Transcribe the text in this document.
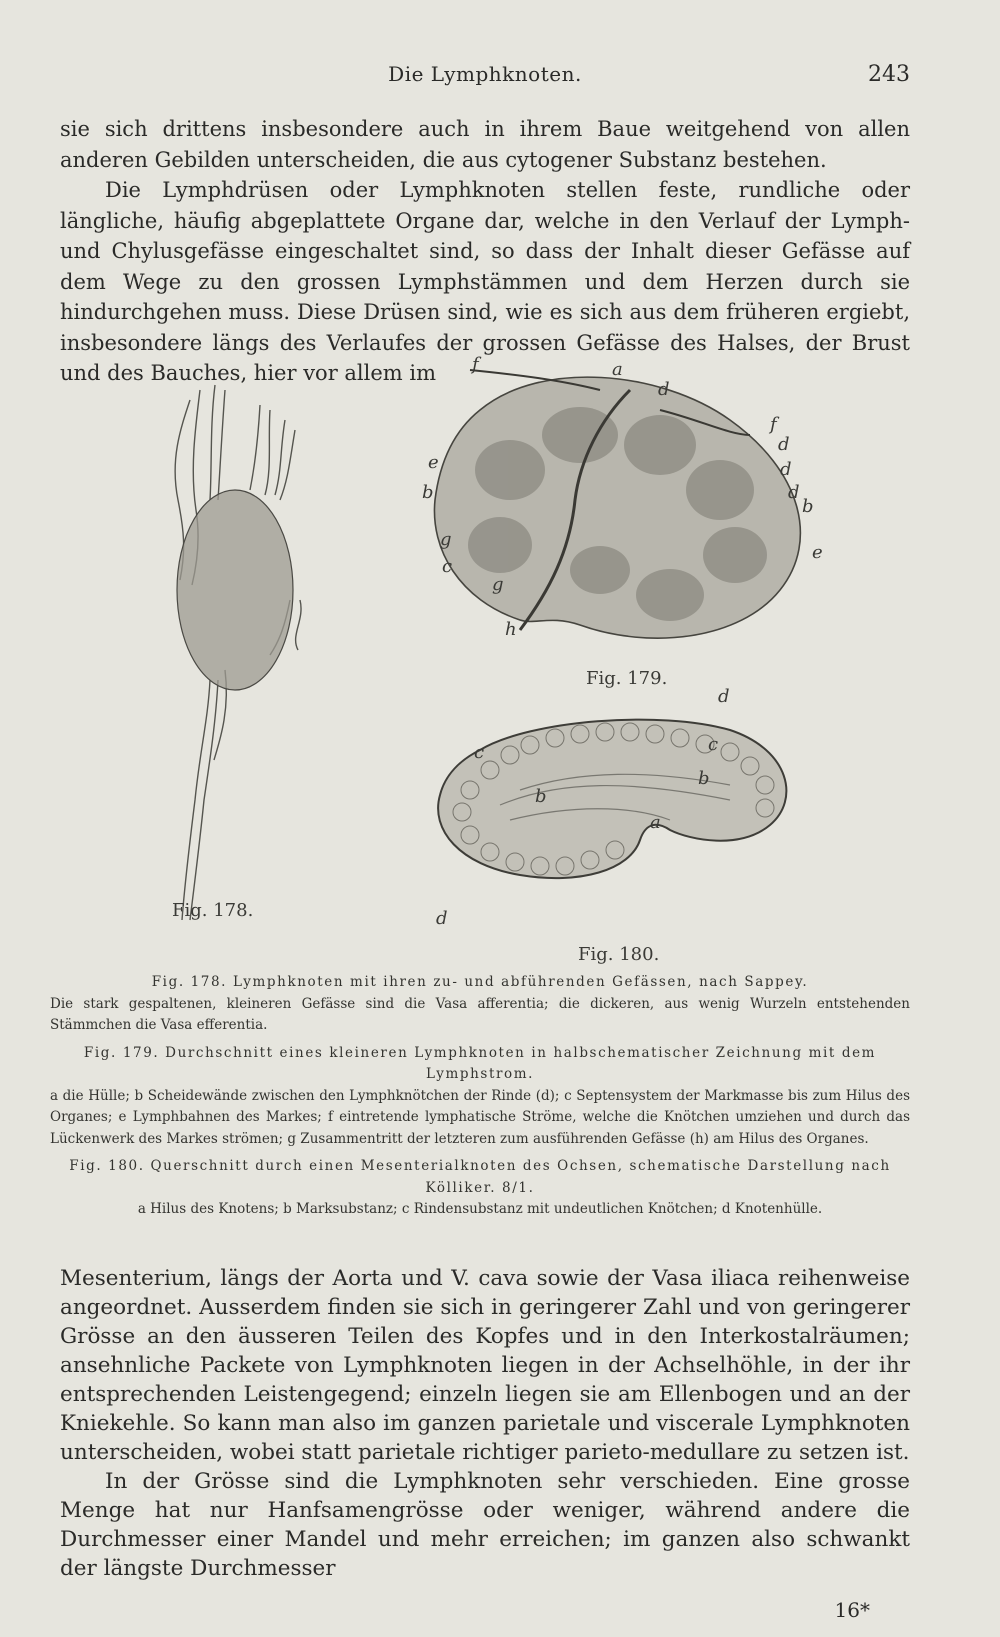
Die Lymphknoten.	243

sie sich drittens insbesondere auch in ihrem Baue weitgehend von allen anderen Gebilden unterscheiden, die aus cytogener Substanz bestehen.

Die Lymphdrüsen oder Lymphknoten stellen feste, rundliche oder längliche, häufig abgeplattete Organe dar, welche in den Verlauf der Lymph- und Chylusgefässe eingeschaltet sind, so dass der Inhalt dieser Gefässe auf dem Wege zu den grossen Lymphstämmen und dem Herzen durch sie hindurchgehen muss. Diese Drüsen sind, wie es sich aus dem früheren ergiebt, insbesondere längs des Verlaufes der grossen Gefässe des Halses, der Brust und des Bauches, hier vor allem im

Fig. 178.
f	a
d
f
d
d
d
b
e
e
b
g
c
g
h
Fig. 179.
d
c	c
b
b
a
d
Fig. 180.

Fig. 178. Lymphknoten mit ihren zu- und abführenden Gefässen, nach Sappey.

Die stark gespaltenen, kleineren Gefässe sind die Vasa afferentia; die dickeren, aus wenig Wurzeln entstehenden Stämmchen die Vasa efferentia.

Fig. 179. Durchschnitt eines kleineren Lymphknoten in halbschematischer Zeichnung mit dem Lymphstrom.

a die Hülle; b Scheidewände zwischen den Lymphknötchen der Rinde (d); c Septensystem der Markmasse bis zum Hilus des Organes; e Lymphbahnen des Markes; f eintretende lymphatische Ströme, welche die Knötchen umziehen und durch das Lückenwerk des Markes strömen; g Zusammentritt der letzteren zum ausführenden Gefässe (h) am Hilus des Organes.

Fig. 180. Querschnitt durch einen Mesenterialknoten des Ochsen, schematische Darstellung nach Kölliker. 8/1.

a Hilus des Knotens; b Marksubstanz; c Rindensubstanz mit undeutlichen Knötchen; d Knotenhülle.

Mesenterium, längs der Aorta und V. cava sowie der Vasa iliaca reihenweise angeordnet. Ausserdem finden sie sich in geringerer Zahl und von geringerer Grösse an den äusseren Teilen des Kopfes und in den Interkostalräumen; ansehnliche Packete von Lymphknoten liegen in der Achselhöhle, in der ihr entsprechenden Leistengegend; einzeln liegen sie am Ellenbogen und an der Kniekehle. So kann man also im ganzen parietale und viscerale Lymphknoten unterscheiden, wobei statt parietale richtiger parieto-medullare zu setzen ist.

In der Grösse sind die Lymphknoten sehr verschieden. Eine grosse Menge hat nur Hanfsamengrösse oder weniger, während andere die Durchmesser einer Mandel und mehr erreichen; im ganzen also schwankt der längste Durchmesser

16*
